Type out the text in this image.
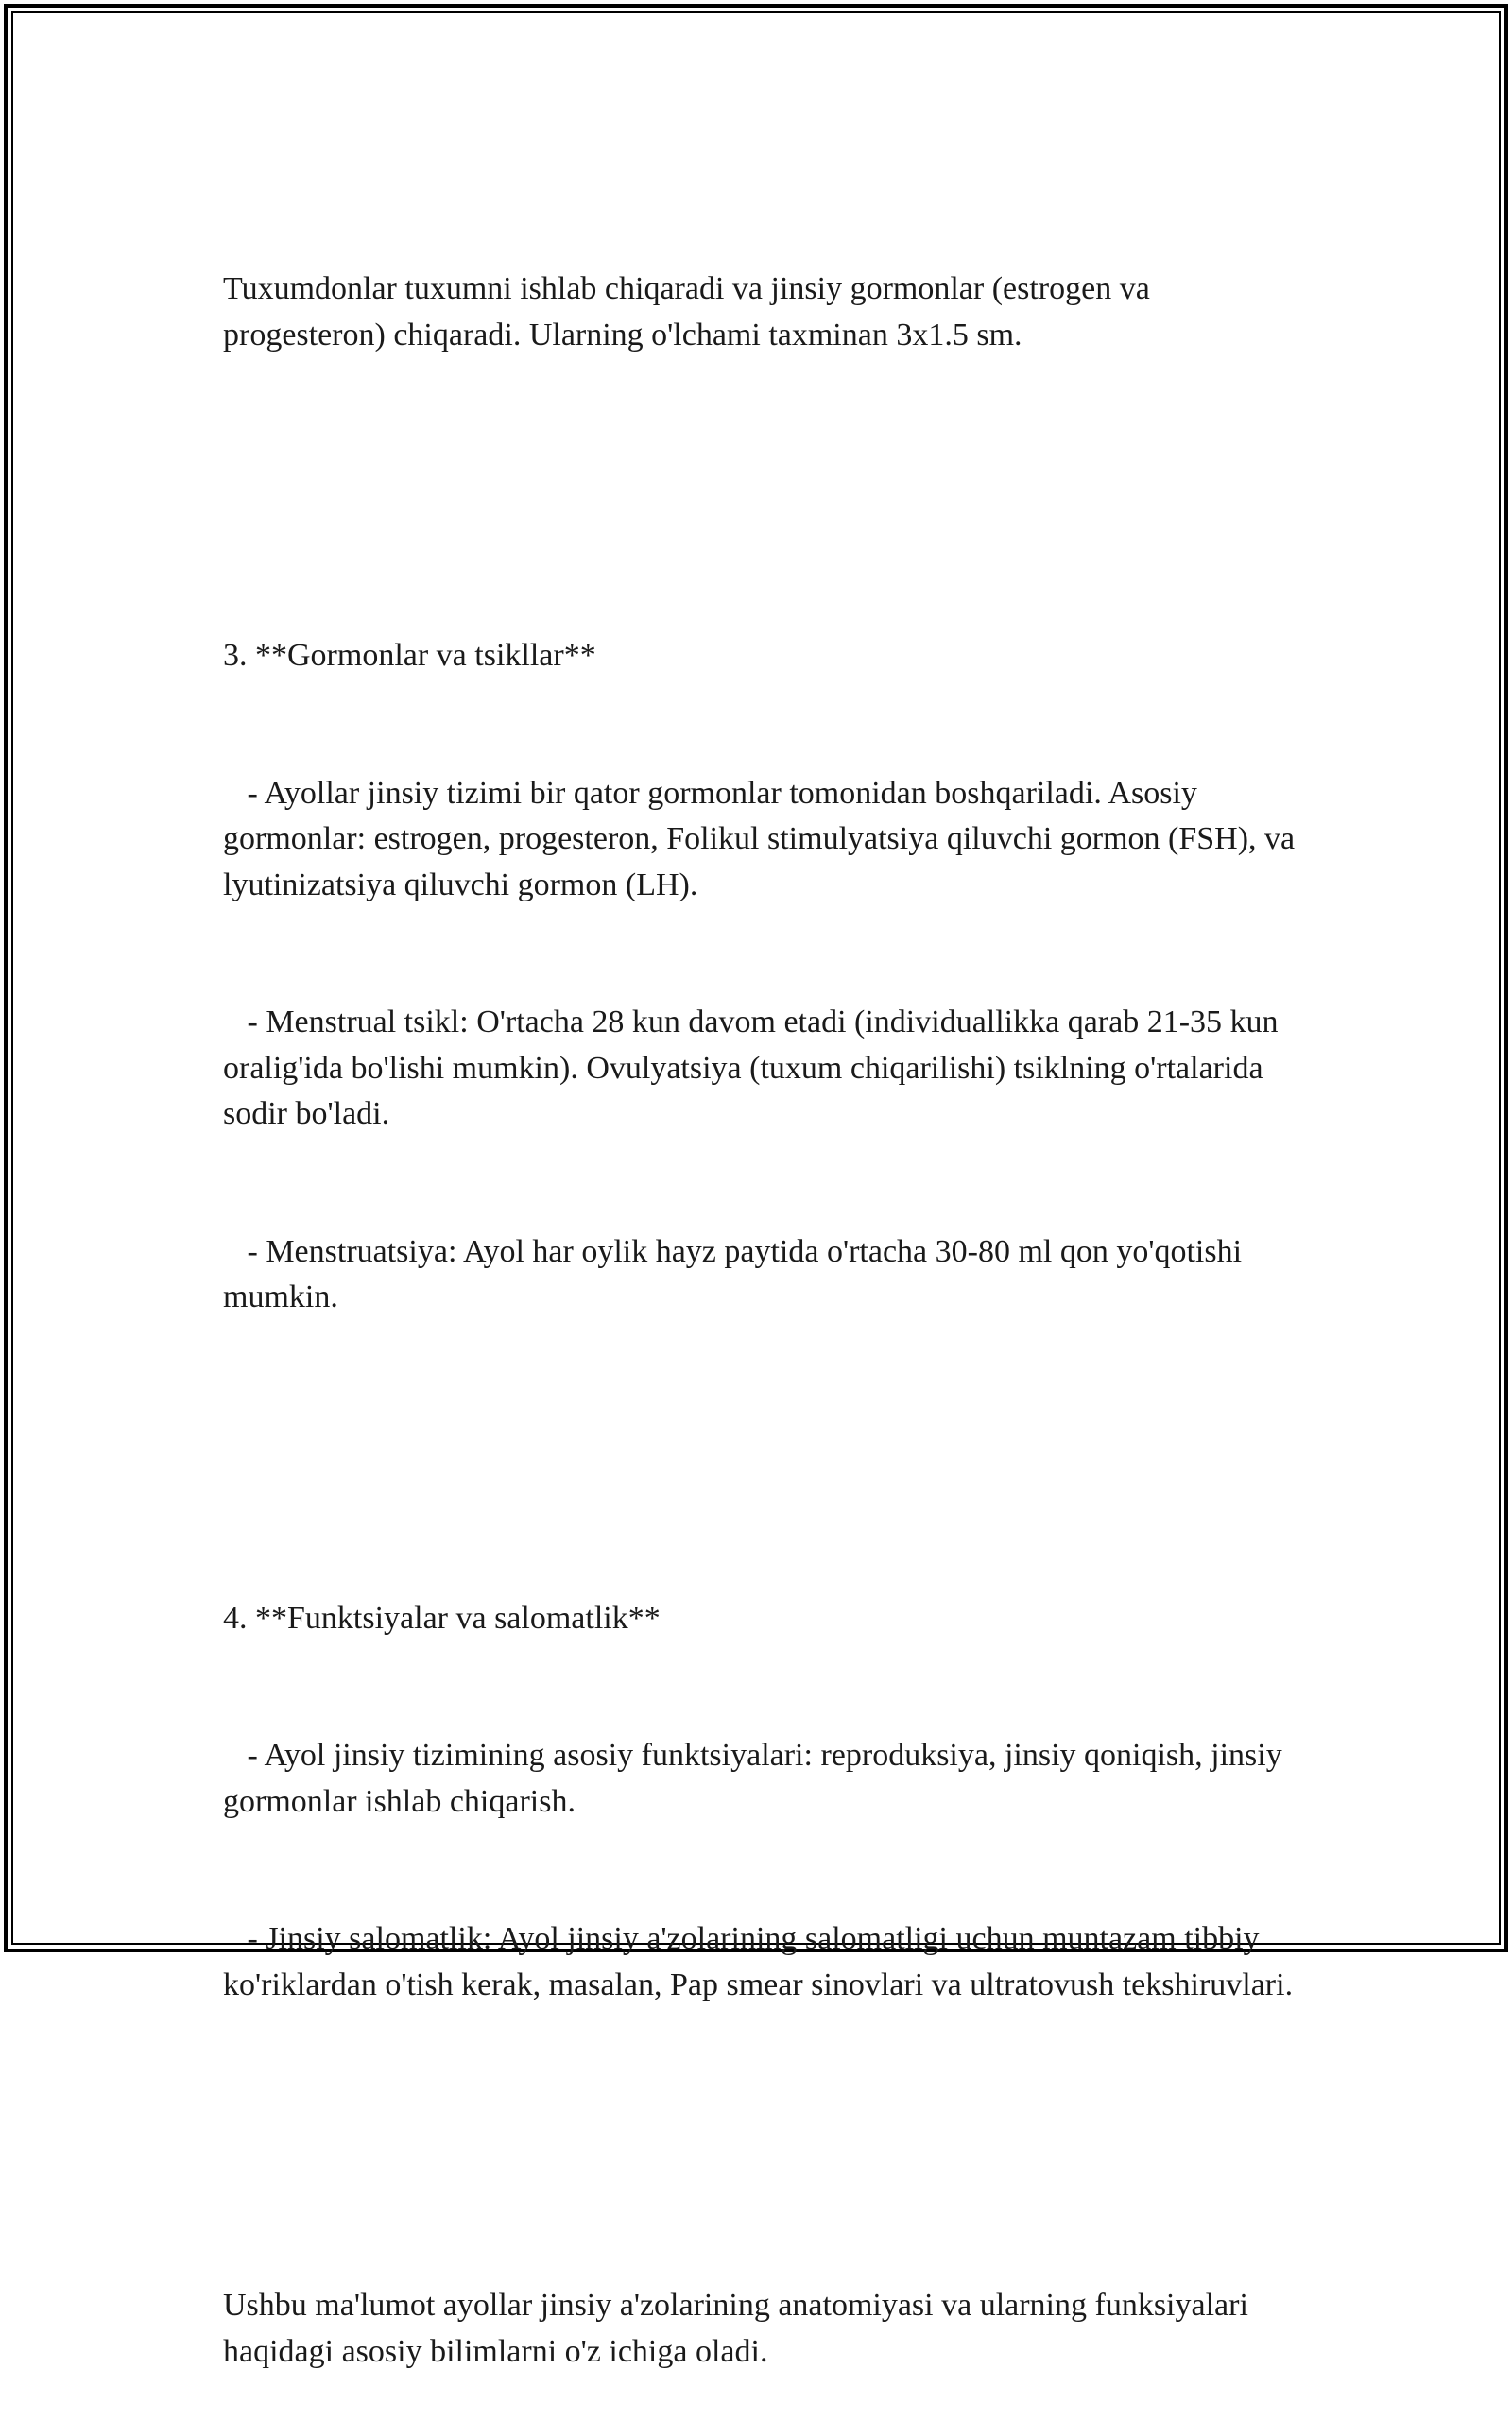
Tuxumdonlar tuxumni ishlab chiqaradi va jinsiy gormonlar (estrogen va progesteron) chiqaradi. Ularning o'lchami taxminan 3x1.5 sm.

3. **Gormonlar va tsikllar**

- Ayollar jinsiy tizimi bir qator gormonlar tomonidan boshqariladi. Asosiy gormonlar: estrogen, progesteron, Folikul stimulyatsiya qiluvchi gormon (FSH), va lyutinizatsiya qiluvchi gormon (LH).

- Menstrual tsikl: O'rtacha 28 kun davom etadi (individuallikka qarab 21-35 kun oralig'ida bo'lishi mumkin). Ovulyatsiya (tuxum chiqarilishi) tsiklning o'rtalarida sodir bo'ladi.

- Menstruatsiya: Ayol har oylik hayz paytida o'rtacha 30-80 ml qon yo'qotishi mumkin.

4. **Funktsiyalar va salomatlik**

- Ayol jinsiy tizimining asosiy funktsiyalari: reproduksiya, jinsiy qoniqish, jinsiy gormonlar ishlab chiqarish.

- Jinsiy salomatlik: Ayol jinsiy a'zolarining salomatligi uchun muntazam tibbiy ko'riklardan o'tish kerak, masalan, Pap smear sinovlari va ultratovush tekshiruvlari.

Ushbu ma'lumot ayollar jinsiy a'zolarining anatomiyasi va ularning funksiyalari haqidagi asosiy bilimlarni o'z ichiga oladi.
